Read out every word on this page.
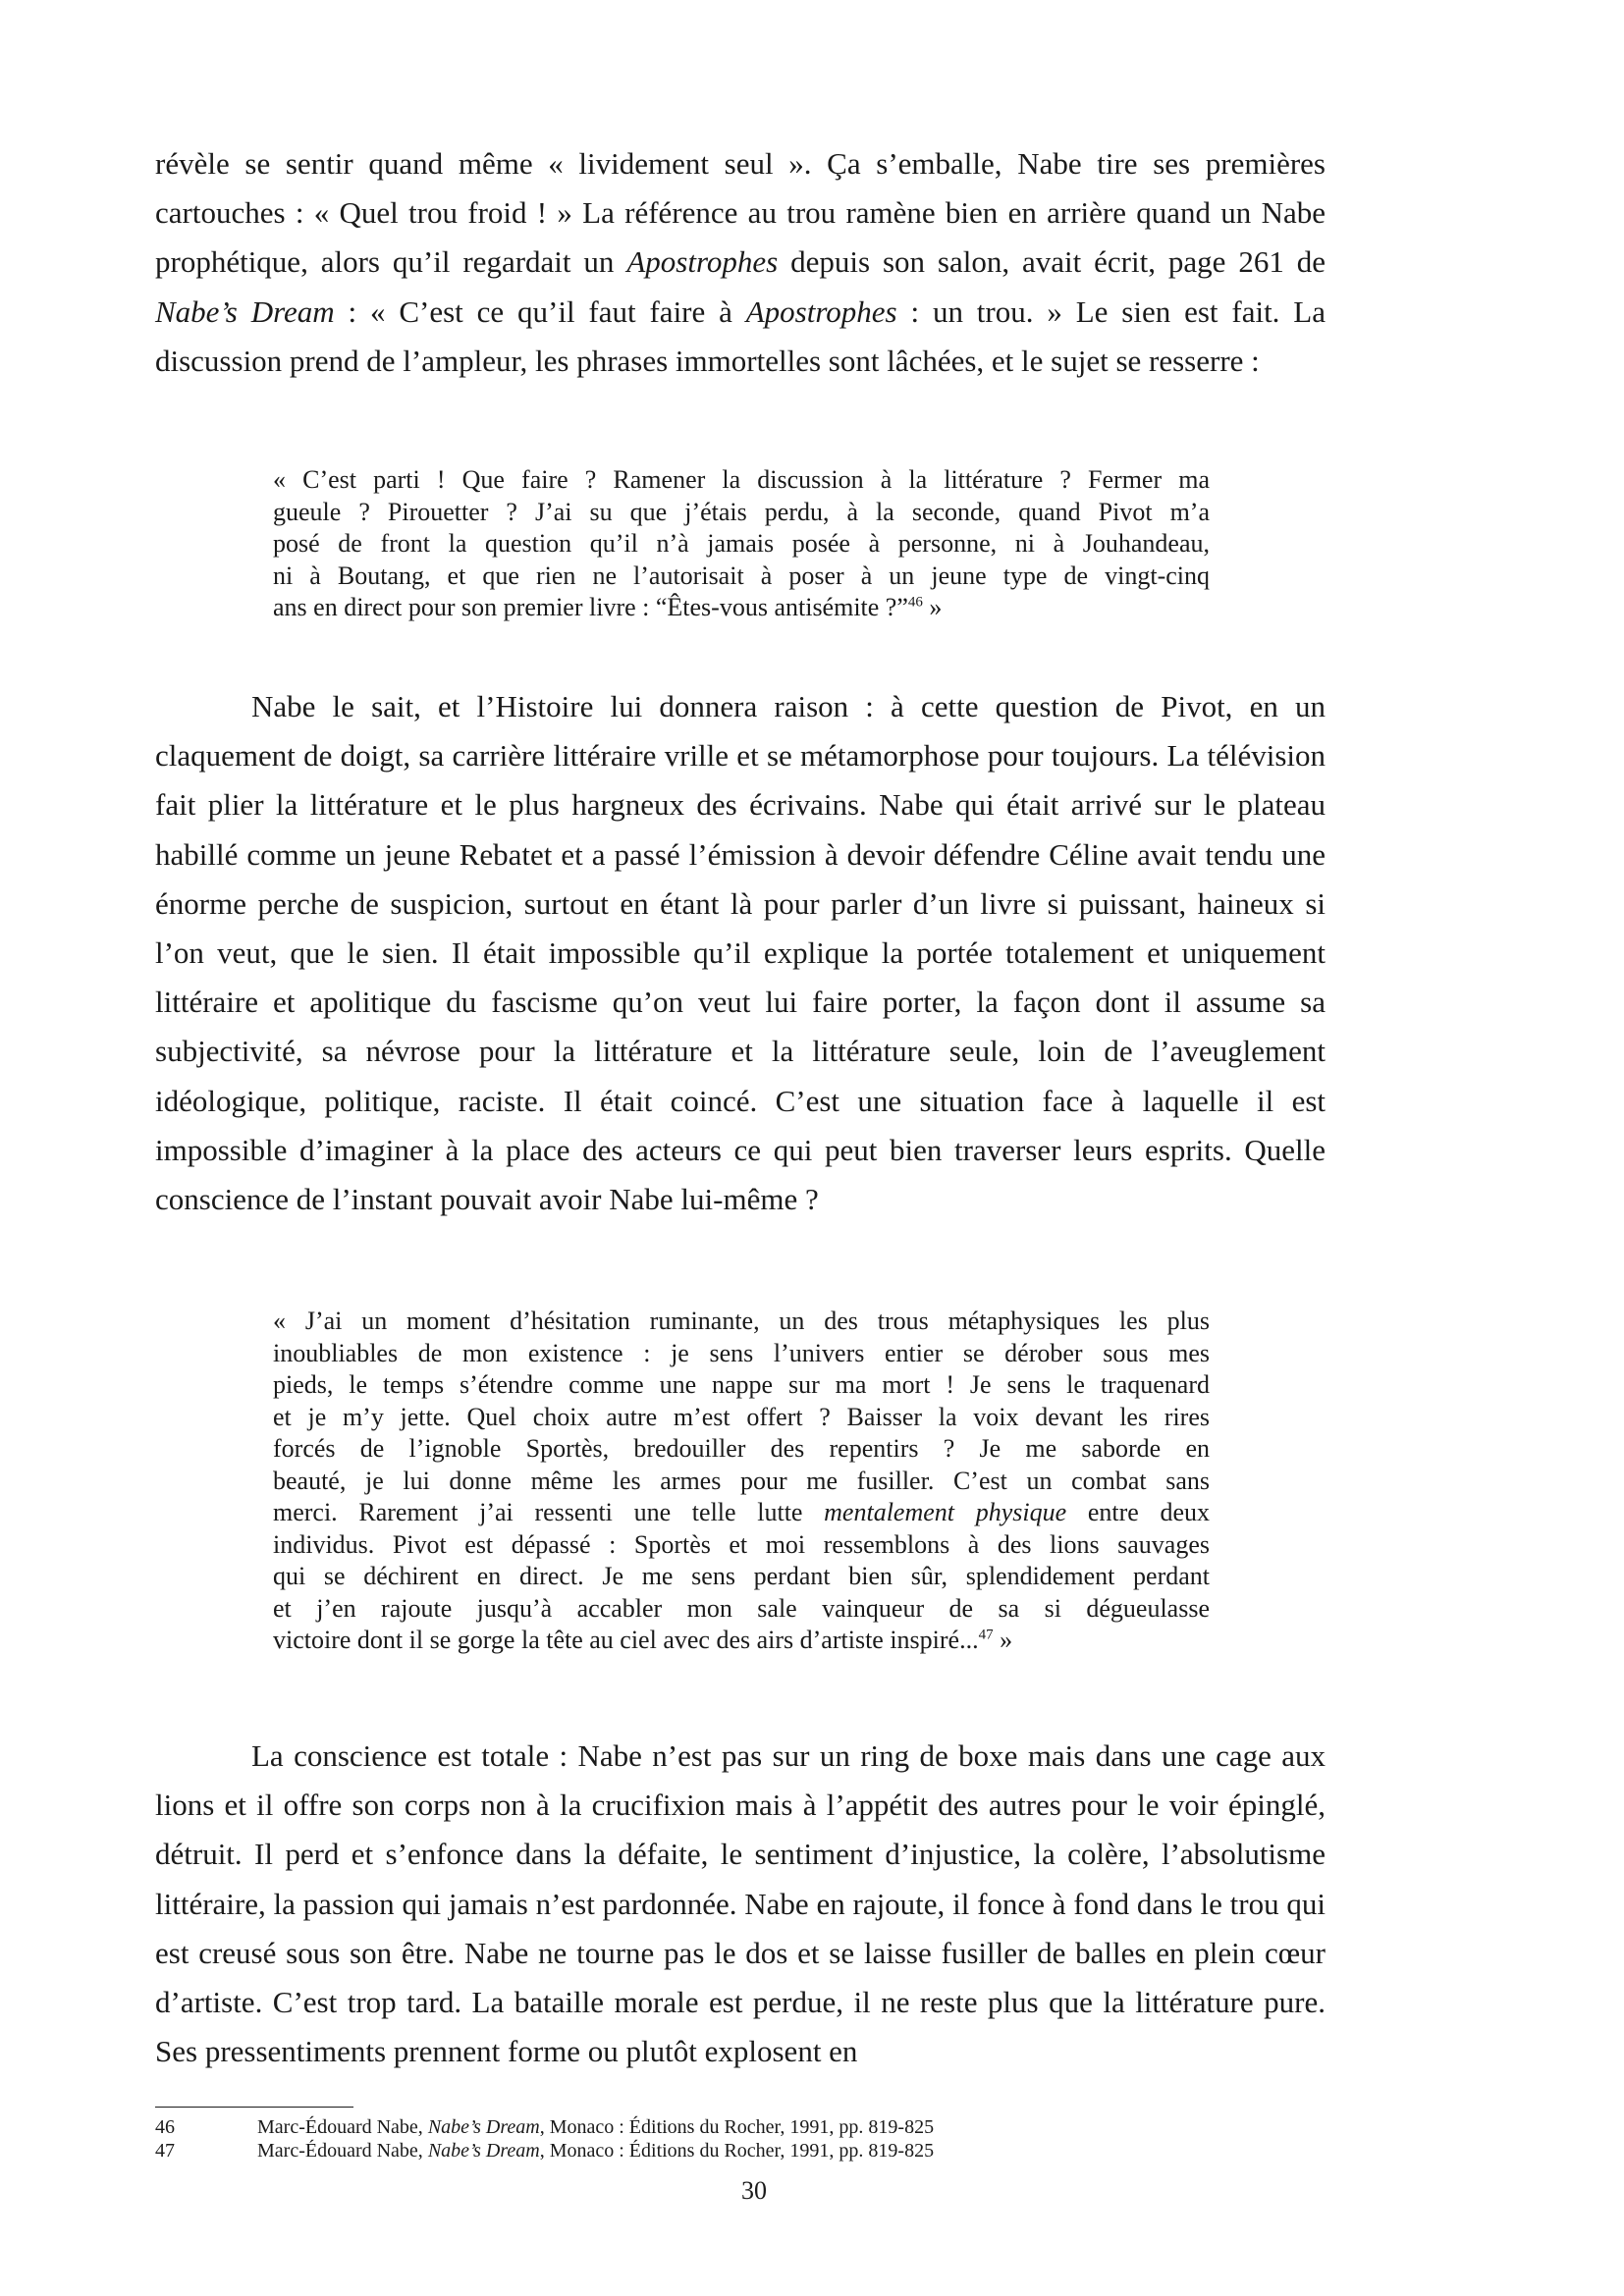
révèle se sentir quand même « lividement seul ». Ça s’emballe, Nabe tire ses premières cartouches : « Quel trou froid ! » La référence au trou ramène bien en arrière quand un Nabe prophétique, alors qu’il regardait un Apostrophes depuis son salon, avait écrit, page 261 de Nabe’s Dream : « C’est ce qu’il faut faire à Apostrophes : un trou. » Le sien est fait. La discussion prend de l’ampleur, les phrases immortelles sont lâchées, et le sujet se resserre :

« C’est parti ! Que faire ? Ramener la discussion à la littérature ? Fermer ma
gueule ? Pirouetter ? J’ai su que j’étais perdu, à la seconde, quand Pivot m’a
posé de front la question qu’il n’à jamais posée à personne, ni à Jouhandeau,
ni à Boutang, et que rien ne l’autorisait à poser à un jeune type de vingt-cinq
ans en direct pour son premier livre : “Êtes-vous antisémite ?”$^{46}$ »

Nabe le sait, et l’Histoire lui donnera raison : à cette question de Pivot, en un claquement de doigt, sa carrière littéraire vrille et se métamorphose pour toujours. La télévision fait plier la littérature et le plus hargneux des écrivains. Nabe qui était arrivé sur le plateau habillé comme un jeune Rebatet et a passé l’émission à devoir défendre Céline avait tendu une énorme perche de suspicion, surtout en étant là pour parler d’un livre si puissant, haineux si l’on veut, que le sien. Il était impossible qu’il explique la portée totalement et uniquement littéraire et apolitique du fascisme qu’on veut lui faire porter, la façon dont il assume sa subjectivité, sa névrose pour la littérature et la littérature seule, loin de l’aveuglement idéologique, politique, raciste. Il était coincé. C’est une situation face à laquelle il est impossible d’imaginer à la place des acteurs ce qui peut bien traverser leurs esprits. Quelle conscience de l’instant pouvait avoir Nabe lui-même ?

« J’ai un moment d’hésitation ruminante, un des trous métaphysiques les plus
inoubliables de mon existence : je sens l’univers entier se dérober sous mes
pieds, le temps s’étendre comme une nappe sur ma mort ! Je sens le traquenard
et je m’y jette. Quel choix autre m’est offert ? Baisser la voix devant les rires
forcés de l’ignoble Sportès, bredouiller des repentirs ? Je me saborde en
beauté, je lui donne même les armes pour me fusiller. C’est un combat sans
merci. Rarement j’ai ressenti une telle lutte mentalement physique entre deux
individus. Pivot est dépassé : Sportès et moi ressemblons à des lions sauvages
qui se déchirent en direct. Je me sens perdant bien sûr, splendidement perdant
et j’en rajoute jusqu’à accabler mon sale vainqueur de sa si dégueulasse
victoire dont il se gorge la tête au ciel avec des airs d’artiste inspiré...$^{47}$ »

La conscience est totale : Nabe n’est pas sur un ring de boxe mais dans une cage aux lions et il offre son corps non à la crucifixion mais à l’appétit des autres pour le voir épinglé, détruit. Il perd et s’enfonce dans la défaite, le sentiment d’injustice, la colère, l’absolutisme littéraire, la passion qui jamais n’est pardonnée. Nabe en rajoute, il fonce à fond dans le trou qui est creusé sous son être. Nabe ne tourne pas le dos et se laisse fusiller de balles en plein cœur d’artiste. C’est trop tard. La bataille morale est perdue, il ne reste plus que la littérature pure. Ses pressentiments prennent forme ou plutôt explosent en

46	Marc-Édouard Nabe, Nabe’s Dream, Monaco : Éditions du Rocher, 1991, pp. 819-825

47	Marc-Édouard Nabe, Nabe’s Dream, Monaco : Éditions du Rocher, 1991, pp. 819-825

30
